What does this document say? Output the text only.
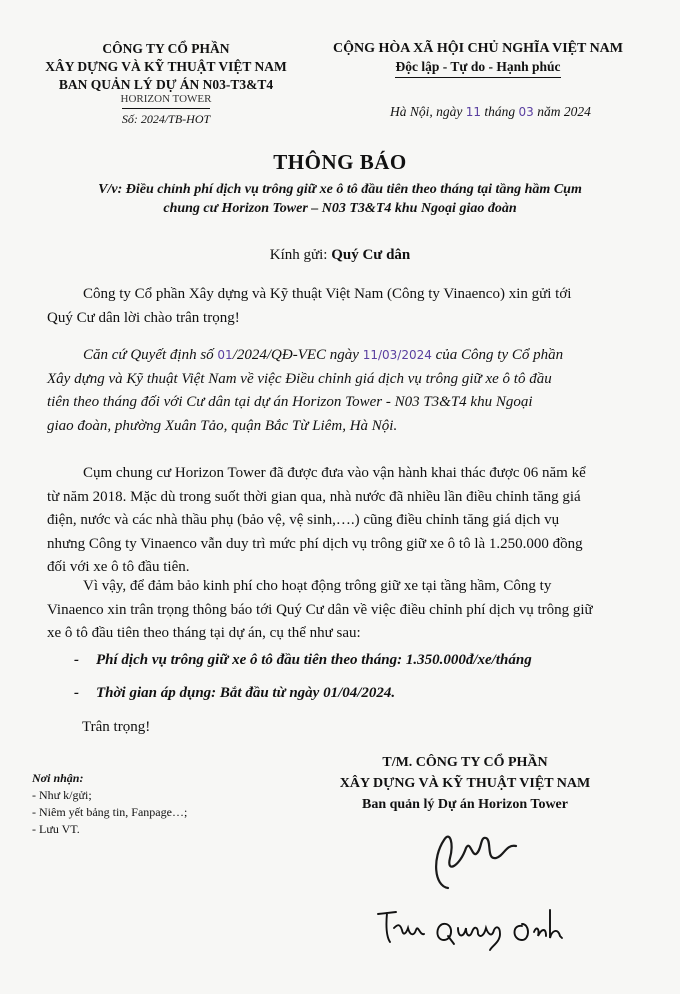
CÔNG TY CỔ PHẦN
XÂY DỰNG VÀ KỸ THUẬT VIỆT NAM
BAN QUẢN LÝ DỰ ÁN N03-T3&T4
HORIZON TOWER
Số: 2024/TB-HOT
CỘNG HÒA XÃ HỘI CHỦ NGHĨA VIỆT NAM
Độc lập - Tự do - Hạnh phúc
Hà Nội, ngày 11 tháng 03 năm 2024
THÔNG BÁO
V/v: Điều chỉnh phí dịch vụ trông giữ xe ô tô đầu tiên theo tháng tại tầng hầm Cụm
chung cư Horizon Tower – N03 T3&T4 khu Ngoại giao đoàn
Kính gửi: Quý Cư dân
Công ty Cổ phần Xây dựng và Kỹ thuật Việt Nam (Công ty Vinaenco) xin gửi tới
Quý Cư dân lời chào trân trọng!
Căn cứ Quyết định số 01/2024/QĐ-VEC ngày 11/03/2024 của Công ty Cổ phần
Xây dựng và Kỹ thuật Việt Nam về việc Điều chỉnh giá dịch vụ trông giữ xe ô tô đầu
tiên theo tháng đối với Cư dân tại dự án Horizon Tower - N03 T3&T4 khu Ngoại
giao đoàn, phường Xuân Tảo, quận Bắc Từ Liêm, Hà Nội.
Cụm chung cư Horizon Tower đã được đưa vào vận hành khai thác được 06 năm kể
từ năm 2018. Mặc dù trong suốt thời gian qua, nhà nước đã nhiều lần điều chỉnh tăng giá
điện, nước và các nhà thầu phụ (bảo vệ, vệ sinh,….) cũng điều chỉnh tăng giá dịch vụ
nhưng Công ty Vinaenco vẫn duy trì mức phí dịch vụ trông giữ xe ô tô là 1.250.000 đồng
đối với xe ô tô đầu tiên.
Vì vậy, để đảm bảo kinh phí cho hoạt động trông giữ xe tại tầng hầm, Công ty
Vinaenco xin trân trọng thông báo tới Quý Cư dân về việc điều chỉnh phí dịch vụ trông giữ
xe ô tô đầu tiên theo tháng tại dự án, cụ thể như sau:
- Phí dịch vụ trông giữ xe ô tô đầu tiên theo tháng: 1.350.000đ/xe/tháng
- Thời gian áp dụng: Bắt đầu từ ngày 01/04/2024.
Trân trọng!
T/M. CÔNG TY CỔ PHẦN
XÂY DỰNG VÀ KỸ THUẬT VIỆT NAM
Ban quản lý Dự án Horizon Tower
Nơi nhận:
- Như k/gửi;
- Niêm yết bảng tin, Fanpage…;
- Lưu VT.
